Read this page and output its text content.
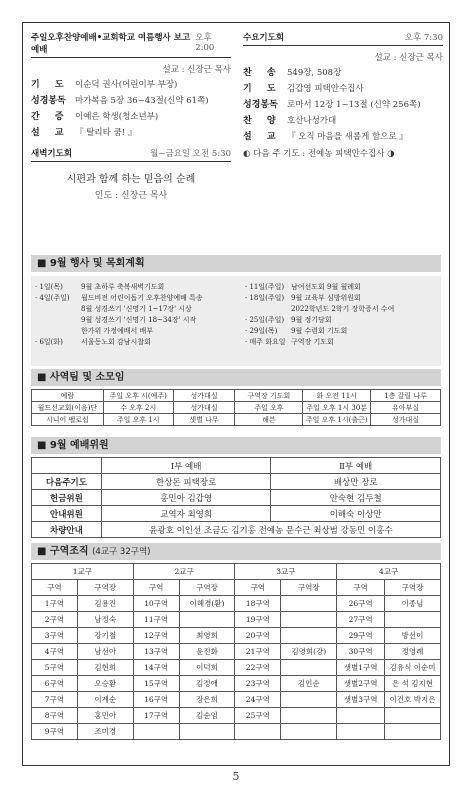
주일오후찬양예배•교회학교 여름행사 보고예배
오후 2:00
설교 : 신장근 목사
기 도 이순덕 권사(어린이부 부장)
성경봉독	마가복음 5장 36~43절(신약 61쪽)
간 증 이예은 학생(청소년부)
설 교 『 탈리타 쿰! 』
새벽기도회	월~금요일 오전 5:30
시편과 함께 하는 믿음의 순례
인도 : 신장근 목사
수요기도회	오후 7:30
설교 : 신장근 목사
찬 송 549장, 508장
기 도 김갑영 피택안수집사
성경봉독	로마서 12장 1~13절 (신약 256쪽)
찬 양 호산나성가대
설 교 『 오직 마음을 새롭게 함으로 』
◐ 다음 주 기도 : 전예농 피택안수집사 ◑
■ 9월 행사 및 목회계획
· 1일(목)	9월 초하루 축복새벽기도회
· 4일(주일)	월드비전 어린이돕기 오후찬양예배 특송
8월 성경쓰기 '신명기 1~17장' 시상
9월 성경쓰기 '신명기 18~34장' 시작
한가위 가정예배서 배부
· 6일(화)	서울동노회 감남시찰회
· 11일(주일) 남여선도회 9월 월례회
· 18일(주일) 9월 교육부 심방위원회
2022학년도 2학기 장학증서 수여
· 25일(주일) 9월 정기당회
· 29일(목)	9월 수렴회 기도회
· 매주 화요일 구역장 기도회
■ 사역팀 및 소모임
예람	주일 오후 시(예주)	성가대실	구역장 기도회	화 오전 11시	1층 갈릴 나루
월드선교회(이음)단	수 오후 2시	성가대실	주일 오후	주일 오후 1시 30분	유아부실
시니어 펠로십	주일 오후 1시	샛별 나무	해븐	주일 오후 1시(출근)	성가대실
■ 9월 예배위원
	Ⅰ부 예배	Ⅱ부 예배
다음주기도	한상돈 피택장로	배상만 장로
헌금위원	홍민아 김갑영	안숙현 김두철
안내위원	교역자 최영희	이해숙 이상만
차량안내	윤광호 이인선 조금도 김기홍 전예농 문수근 최상범 강동민 이홍수	
■ 구역조직 (4교구 32구역)
1교구		2교구		3교구		4교구	
구역	구역장	구역	구역장	구역	구역장	구역	구역장
1구역	김용진	10구역	이혜경(환)	18구역		26구역	이종님
2구역	남정숙	11구역		19구역		27구역	
3구역	강기철	12구역	최영희	20구역		29구역	방선이
4구역	남선아	13구역	윤진화	21구역	김영희(강)	30구역	정영례
5구역	김현희	14구역	이덕희	22구역		샛별1구역	김유식 이순미
6구역	오승환	15구역	김정애	23구역	김인순	샛별2구역	은 석 김지현
7구역	이계순	16구역	장은희	24구역		샛별3구역	이건호 박지은
8구역	홍민아	17구역	김순임	25구역			
9구역	조미경						
5
